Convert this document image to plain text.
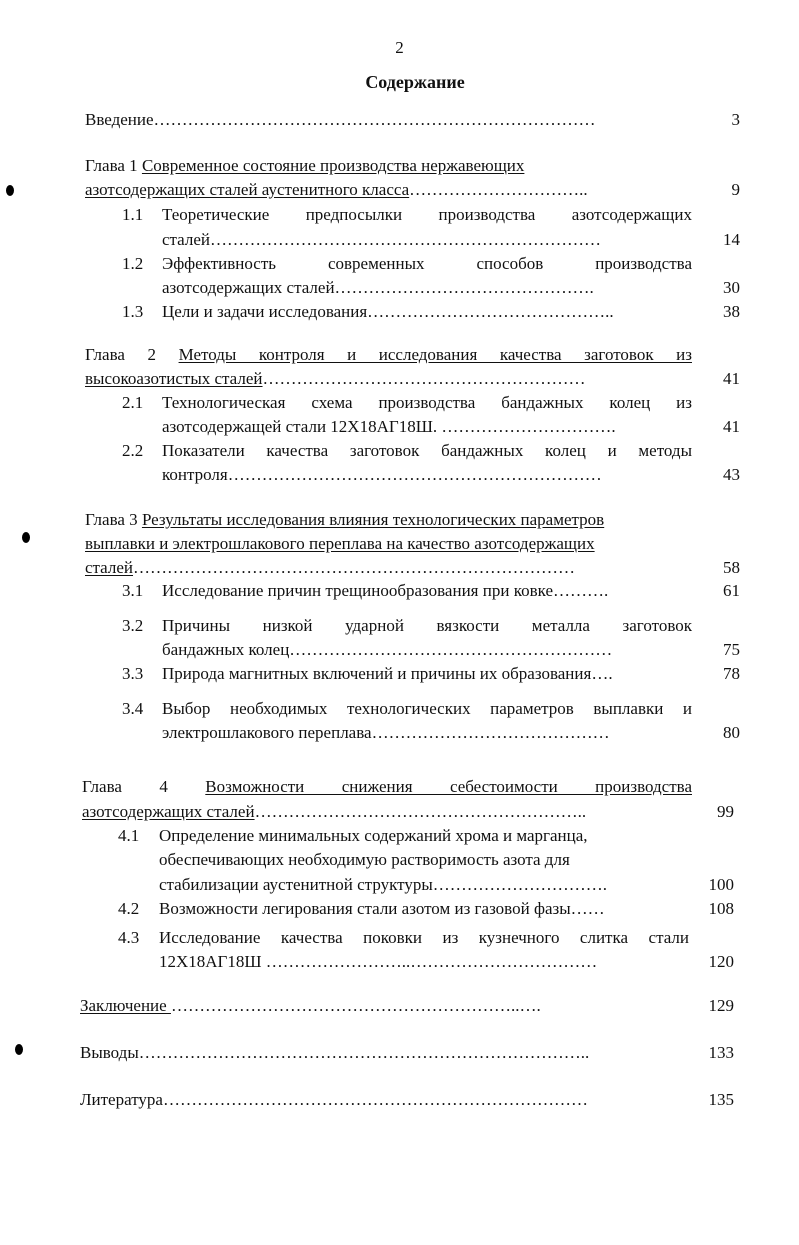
2
Содержание
Введение……………………………………………………………………	3
Глава 1 Современное состояние производства нержавеющих
азотсодержащих сталей аустенитного класса…………………………..	9
1.1 Теоретические предпосылки производства азотсодержащих
сталей……………………………………………………………	14
1.2 Эффективность современных способов производства
азотсодержащих сталей……………………………………….	30
1.3 Цели и задачи исследования……………………………………..	38
Глава 2 Методы контроля и исследования качества заготовок из
высокоазотистых сталей…………………………………………………	41
2.1 Технологическая схема производства бандажных колец из
азотсодержащей стали 12Х18АГ18Ш. ………………………….	41
2.2 Показатели качества заготовок бандажных колец и методы
контроля…………………………………………………………	43
Глава 3 Результаты исследования влияния технологических параметров
выплавки и электрошлакового переплава на качество азотсодержащих
сталей……………………………………………………………………	58
3.1 Исследование причин трещинообразования при ковке……….	61
3.2 Причины низкой ударной вязкости металла заготовок
бандажных колец…………………………………………………	75
3.3 Природа магнитных включений и причины их образования….	78
3.4 Выбор необходимых технологических параметров выплавки и
электрошлакового переплава……………………………………	80
Глава 4 Возможности снижения себестоимости производства
азотсодержащих сталей…………………………………………………..	99
4.1 Определение минимальных содержаний хрома и марганца,
обеспечивающих необходимую растворимость азота для
стабилизации аустенитной структуры………………………….	100
4.2 Возможности легирования стали азотом из газовой фазы……	108
4.3 Исследование качества поковки из кузнечного слитка стали
12Х18АГ18Ш ……………………..……………………………	120
Заключение ……………………………………………………..….	129
Выводы……………………………………………………………………..	133
Литература…………………………………………………………………	135
